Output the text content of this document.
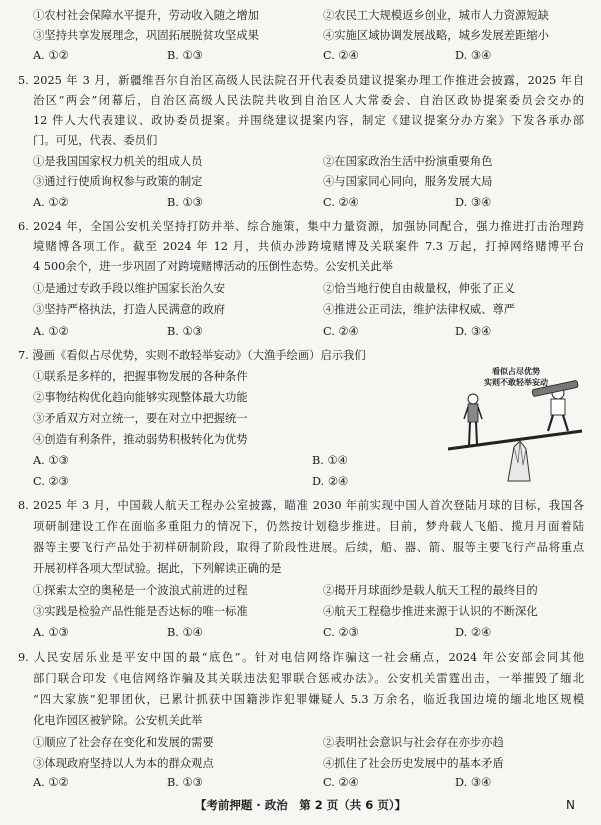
①农村社会保障水平提升，劳动收入随之增加	②农民工大规模返乡创业，城市人力资源短缺
③坚持共享发展理念，巩固拓展脱贫攻坚成果	④实施区域协调发展战略，城乡发展差距缩小
A. ①②	B. ①③	C. ②④	D. ③④
5. 2025 年 3 月，新疆维吾尔自治区高级人民法院召开代表委员建议提案办理工作推进会披露，2025 年自
治区“两会”闭幕后，自治区高级人民法院共收到自治区人大常委会、自治区政协提案委员会交办的
12 件人大代表建议、政协委员提案。并围绕建议提案内容，制定《建议提案分办方案》下发各承办部
门。可见，代表、委员们
①是我国国家权力机关的组成人员	②在国家政治生活中扮演重要角色
③通过行使质询权参与政策的制定	④与国家同心同向，服务发展大局
A. ①②	B. ①③	C. ②④	D. ③④
6. 2024 年，全国公安机关坚持打防并举、综合施策，集中力量资源，加强协同配合，强力推进打击治理跨
境赌博各项工作。截至 2024 年 12 月，共侦办涉跨境赌博及关联案件 7.3 万起，打掉网络赌博平台
4 500余个，进一步巩固了对跨境赌博活动的压倒性态势。公安机关此举
①是通过专政手段以维护国家长治久安	②恰当地行使自由裁量权，伸张了正义
③坚持严格执法，打造人民满意的政府	④推进公正司法，维护法律权威、尊严
A. ①②	B. ①③	C. ②④	D. ③④
7. 漫画《看似占尽优势，实则不敢轻举妄动》（大渔手绘画）启示我们
①联系是多样的，把握事物发展的各种条件
②事物结构优化趋向能够实现整体最大功能
③矛盾双方对立统一，要在对立中把握统一
④创造有利条件，推动弱势积极转化为优势
A. ①③	B. ①④
C. ②③	D. ②④
看似占尽优势
实则不敢轻举妄动
8. 2025 年 3 月，中国载人航天工程办公室披露，瞄准 2030 年前实现中国人首次登陆月球的目标，我国各
项研制建设工作在面临多重阻力的情况下，仍然按计划稳步推进。目前，梦舟载人飞船、揽月月面着陆
器等主要飞行产品处于初样研制阶段，取得了阶段性进展。后续，船、器、箭、服等主要飞行产品将重点
开展初样各项大型试验。据此，下列解读正确的是
①探索太空的奥秘是一个波浪式前进的过程	②揭开月球面纱是载人航天工程的最终目的
③实践是检验产品性能是否达标的唯一标准	④航天工程稳步推进来源于认识的不断深化
A. ①③	B. ①④	C. ②③	D. ②④
9. 人民安居乐业是平安中国的最“底色”。针对电信网络诈骗这一社会痛点，2024 年公安部会同其他
部门联合印发《电信网络诈骗及其关联违法犯罪联合惩戒办法》。公安机关雷霆出击，一举摧毁了缅北
“四大家族”犯罪团伙，已累计抓获中国籍涉诈犯罪嫌疑人 5.3 万余名，临近我国边境的缅北地区规模
化电诈园区被铲除。公安机关此举
①顺应了社会存在变化和发展的需要	②表明社会意识与社会存在亦步亦趋
③体现政府坚持以人为本的群众观点	④抓住了社会历史发展中的基本矛盾
A. ①②	B. ①③	C. ②④	D. ③④
【考前押题 · 政治　第 2 页（共 6 页）】	N
